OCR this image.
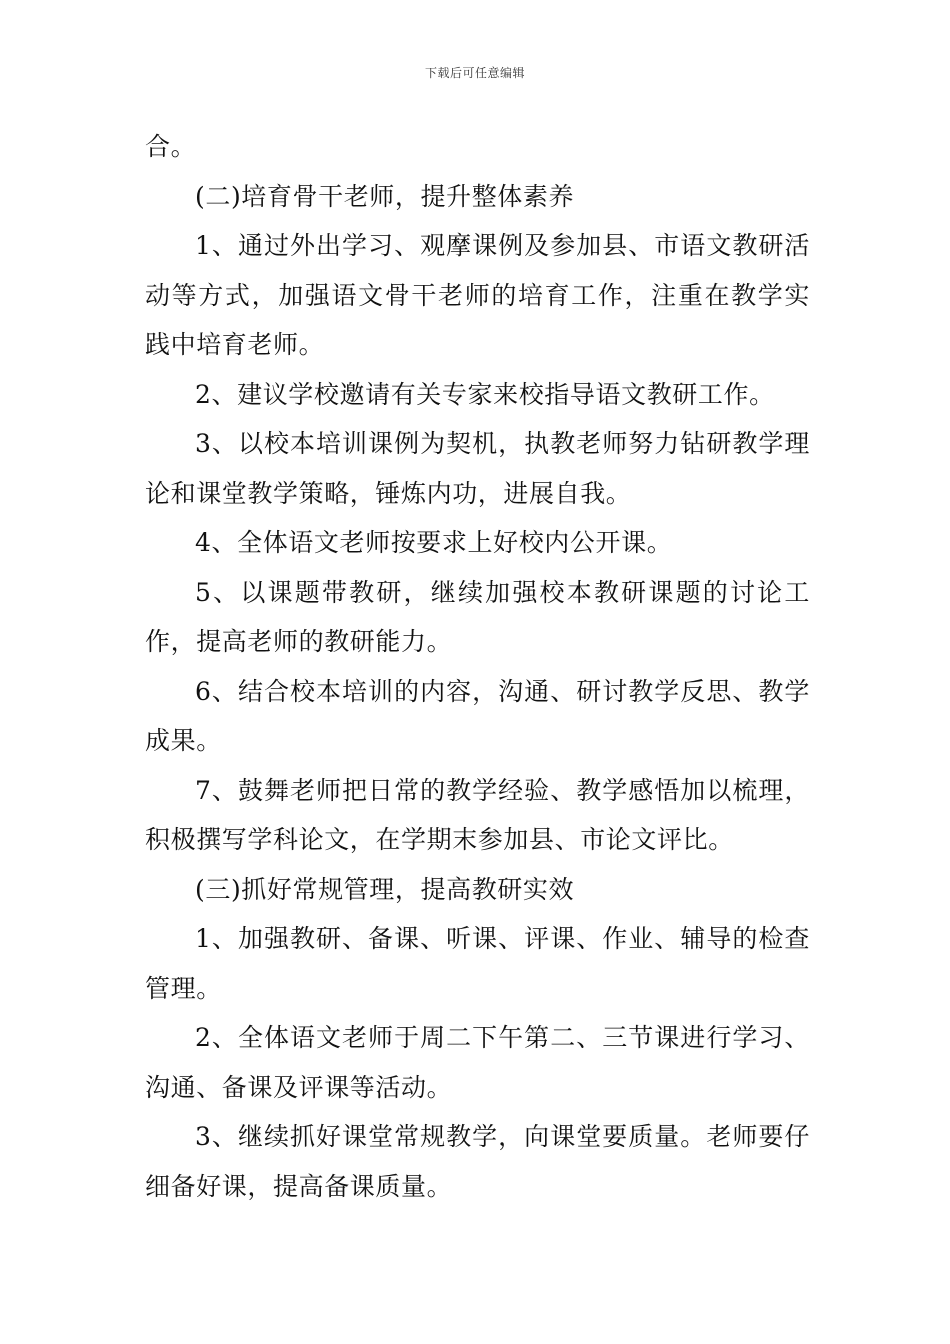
下载后可任意编辑

合。

(二)培育骨干老师，提升整体素养

1、通过外出学习、观摩课例及参加县、市语文教研活动等方式，加强语文骨干老师的培育工作，注重在教学实践中培育老师。

2、建议学校邀请有关专家来校指导语文教研工作。

3、以校本培训课例为契机，执教老师努力钻研教学理论和课堂教学策略，锤炼内功，进展自我。

4、全体语文老师按要求上好校内公开课。

5、以课题带教研，继续加强校本教研课题的讨论工作，提高老师的教研能力。

6、结合校本培训的内容，沟通、研讨教学反思、教学成果。

7、鼓舞老师把日常的教学经验、教学感悟加以梳理，积极撰写学科论文，在学期末参加县、市论文评比。

(三)抓好常规管理，提高教研实效

1、加强教研、备课、听课、评课、作业、辅导的检查管理。

2、全体语文老师于周二下午第二、三节课进行学习、沟通、备课及评课等活动。

3、继续抓好课堂常规教学，向课堂要质量。老师要仔细备好课，提高备课质量。
